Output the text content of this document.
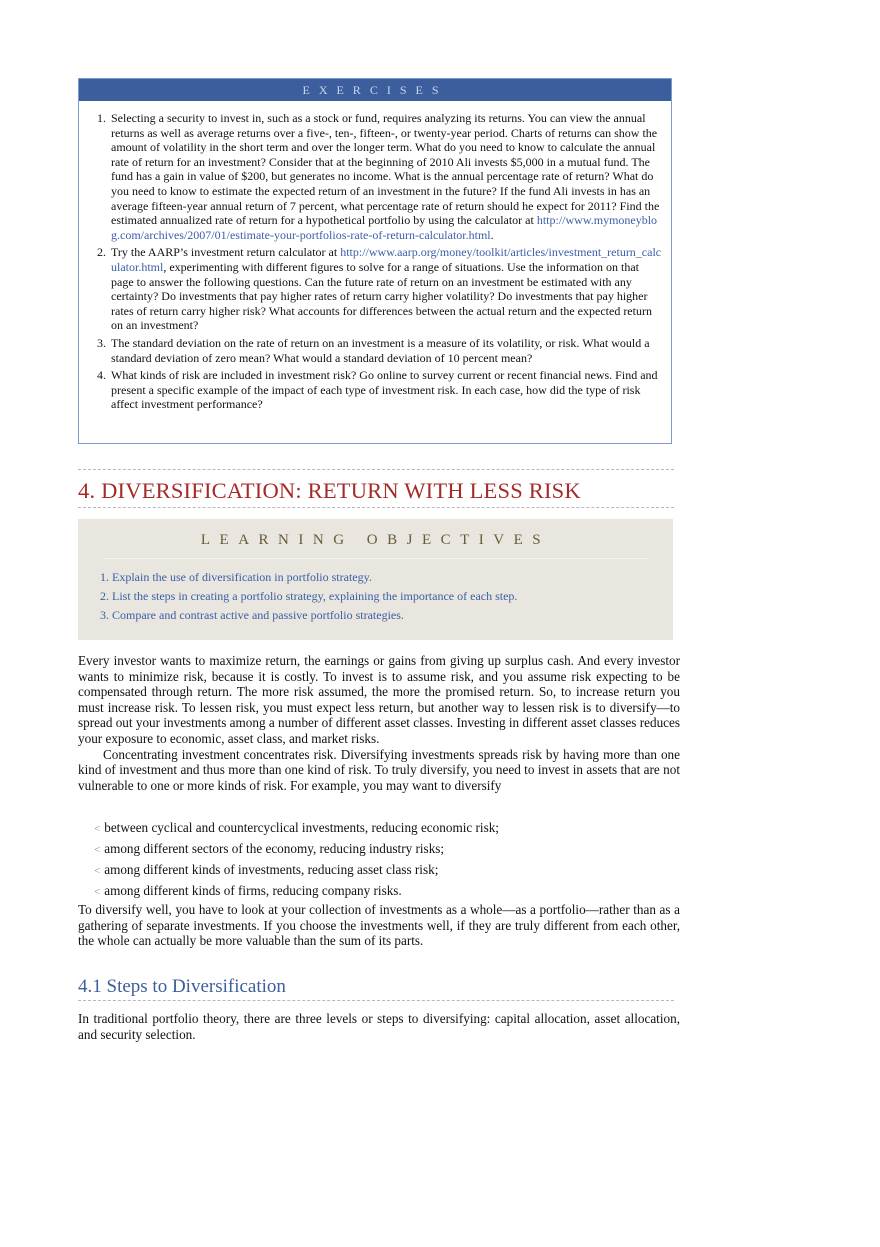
EXERCISES
1. Selecting a security to invest in, such as a stock or fund, requires analyzing its returns. You can view the annual returns as well as average returns over a five-, ten-, fifteen-, or twenty-year period. Charts of returns can show the amount of volatility in the short term and over the longer term. What do you need to know to calculate the annual rate of return for an investment? Consider that at the beginning of 2010 Ali invests $5,000 in a mutual fund. The fund has a gain in value of $200, but generates no income. What is the annual percentage rate of return? What do you need to know to estimate the expected return of an investment in the future? If the fund Ali invests in has an average fifteen-year annual return of 7 percent, what percentage rate of return should he expect for 2011? Find the estimated annualized rate of return for a hypothetical portfolio by using the calculator at http://www.mymoneyblog.com/archives/2007/01/estimate-your-portfolios-rate-of-return-calculator.html.
2. Try the AARP’s investment return calculator at http://www.aarp.org/money/toolkit/articles/investment_return_calculator.html, experimenting with different figures to solve for a range of situations. Use the information on that page to answer the following questions. Can the future rate of return on an investment be estimated with any certainty? Do investments that pay higher rates of return carry higher volatility? Do investments that pay higher rates of return carry higher risk? What accounts for differences between the actual return and the expected return on an investment?
3. The standard deviation on the rate of return on an investment is a measure of its volatility, or risk. What would a standard deviation of zero mean? What would a standard deviation of 10 percent mean?
4. What kinds of risk are included in investment risk? Go online to survey current or recent financial news. Find and present a specific example of the impact of each type of investment risk. In each case, how did the type of risk affect investment performance?
4. DIVERSIFICATION: RETURN WITH LESS RISK
LEARNING OBJECTIVES
1. Explain the use of diversification in portfolio strategy.
2. List the steps in creating a portfolio strategy, explaining the importance of each step.
3. Compare and contrast active and passive portfolio strategies.

Every investor wants to maximize return, the earnings or gains from giving up surplus cash. And every investor wants to minimize risk, because it is costly. To invest is to assume risk, and you assume risk expecting to be compensated through return. The more risk assumed, the more the promised return. So, to increase return you must increase risk. To lessen risk, you must expect less return, but another way to lessen risk is to diversify—to spread out your investments among a number of different asset classes. Investing in different asset classes reduces your exposure to economic, asset class, and market risks.

Concentrating investment concentrates risk. Diversifying investments spreads risk by having more than one kind of investment and thus more than one kind of risk. To truly diversify, you need to invest in assets that are not vulnerable to one or more kinds of risk. For example, you may want to diversify

< between cyclical and countercyclical investments, reducing economic risk;
< among different sectors of the economy, reducing industry risks;
< among different kinds of investments, reducing asset class risk;
< among different kinds of firms, reducing company risks.

To diversify well, you have to look at your collection of investments as a whole—as a portfolio—rather than as a gathering of separate investments. If you choose the investments well, if they are truly different from each other, the whole can actually be more valuable than the sum of its parts.

4.1 Steps to Diversification

In traditional portfolio theory, there are three levels or steps to diversifying: capital allocation, asset allocation, and security selection.
